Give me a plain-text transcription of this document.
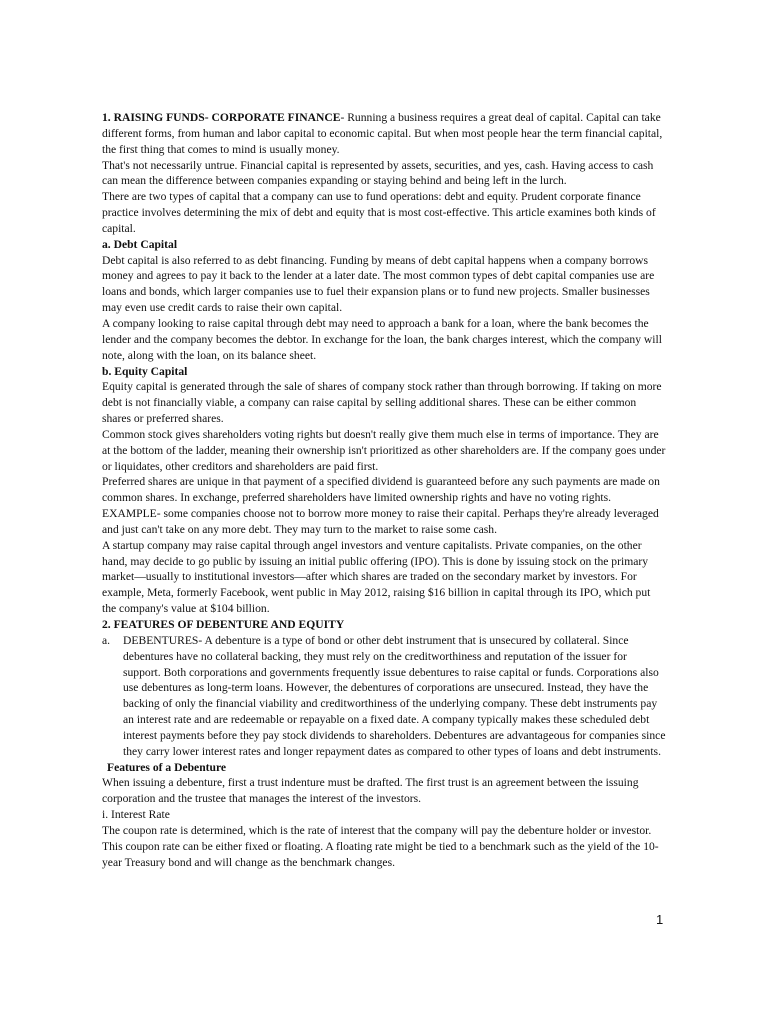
1. RAISING FUNDS- CORPORATE FINANCE- Running a business requires a great deal of capital. Capital can take different forms, from human and labor capital to economic capital. But when most people hear the term financial capital, the first thing that comes to mind is usually money.

That's not necessarily untrue. Financial capital is represented by assets, securities, and yes, cash. Having access to cash can mean the difference between companies expanding or staying behind and being left in the lurch.

There are two types of capital that a company can use to fund operations: debt and equity. Prudent corporate finance practice involves determining the mix of debt and equity that is most cost-effective. This article examines both kinds of capital.

a. Debt Capital

Debt capital is also referred to as debt financing. Funding by means of debt capital happens when a company borrows money and agrees to pay it back to the lender at a later date. The most common types of debt capital companies use are loans and bonds, which larger companies use to fuel their expansion plans or to fund new projects. Smaller businesses may even use credit cards to raise their own capital.

A company looking to raise capital through debt may need to approach a bank for a loan, where the bank becomes the lender and the company becomes the debtor. In exchange for the loan, the bank charges interest, which the company will note, along with the loan, on its balance sheet.

b. Equity Capital

Equity capital is generated through the sale of shares of company stock rather than through borrowing. If taking on more debt is not financially viable, a company can raise capital by selling additional shares. These can be either common shares or preferred shares.

Common stock gives shareholders voting rights but doesn't really give them much else in terms of importance. They are at the bottom of the ladder, meaning their ownership isn't prioritized as other shareholders are. If the company goes under or liquidates, other creditors and shareholders are paid first.

Preferred shares are unique in that payment of a specified dividend is guaranteed before any such payments are made on common shares. In exchange, preferred shareholders have limited ownership rights and have no voting rights. EXAMPLE- some companies choose not to borrow more money to raise their capital. Perhaps they're already leveraged and just can't take on any more debt. They may turn to the market to raise some cash.

A startup company may raise capital through angel investors and venture capitalists. Private companies, on the other hand, may decide to go public by issuing an initial public offering (IPO). This is done by issuing stock on the primary market—usually to institutional investors—after which shares are traded on the secondary market by investors. For example, Meta, formerly Facebook, went public in May 2012, raising $16 billion in capital through its IPO, which put the company's value at $104 billion.

2. FEATURES OF DEBENTURE AND EQUITY

a. DEBENTURES- A debenture is a type of bond or other debt instrument that is unsecured by collateral. Since debentures have no collateral backing, they must rely on the creditworthiness and reputation of the issuer for support. Both corporations and governments frequently issue debentures to raise capital or funds. Corporations also use debentures as long-term loans. However, the debentures of corporations are unsecured. Instead, they have the backing of only the financial viability and creditworthiness of the underlying company. These debt instruments pay an interest rate and are redeemable or repayable on a fixed date. A company typically makes these scheduled debt interest payments before they pay stock dividends to shareholders. Debentures are advantageous for companies since they carry lower interest rates and longer repayment dates as compared to other types of loans and debt instruments.

Features of a Debenture

When issuing a debenture, first a trust indenture must be drafted. The first trust is an agreement between the issuing corporation and the trustee that manages the interest of the investors.

i. Interest Rate

The coupon rate is determined, which is the rate of interest that the company will pay the debenture holder or investor. This coupon rate can be either fixed or floating. A floating rate might be tied to a benchmark such as the yield of the 10-year Treasury bond and will change as the benchmark changes.

1
